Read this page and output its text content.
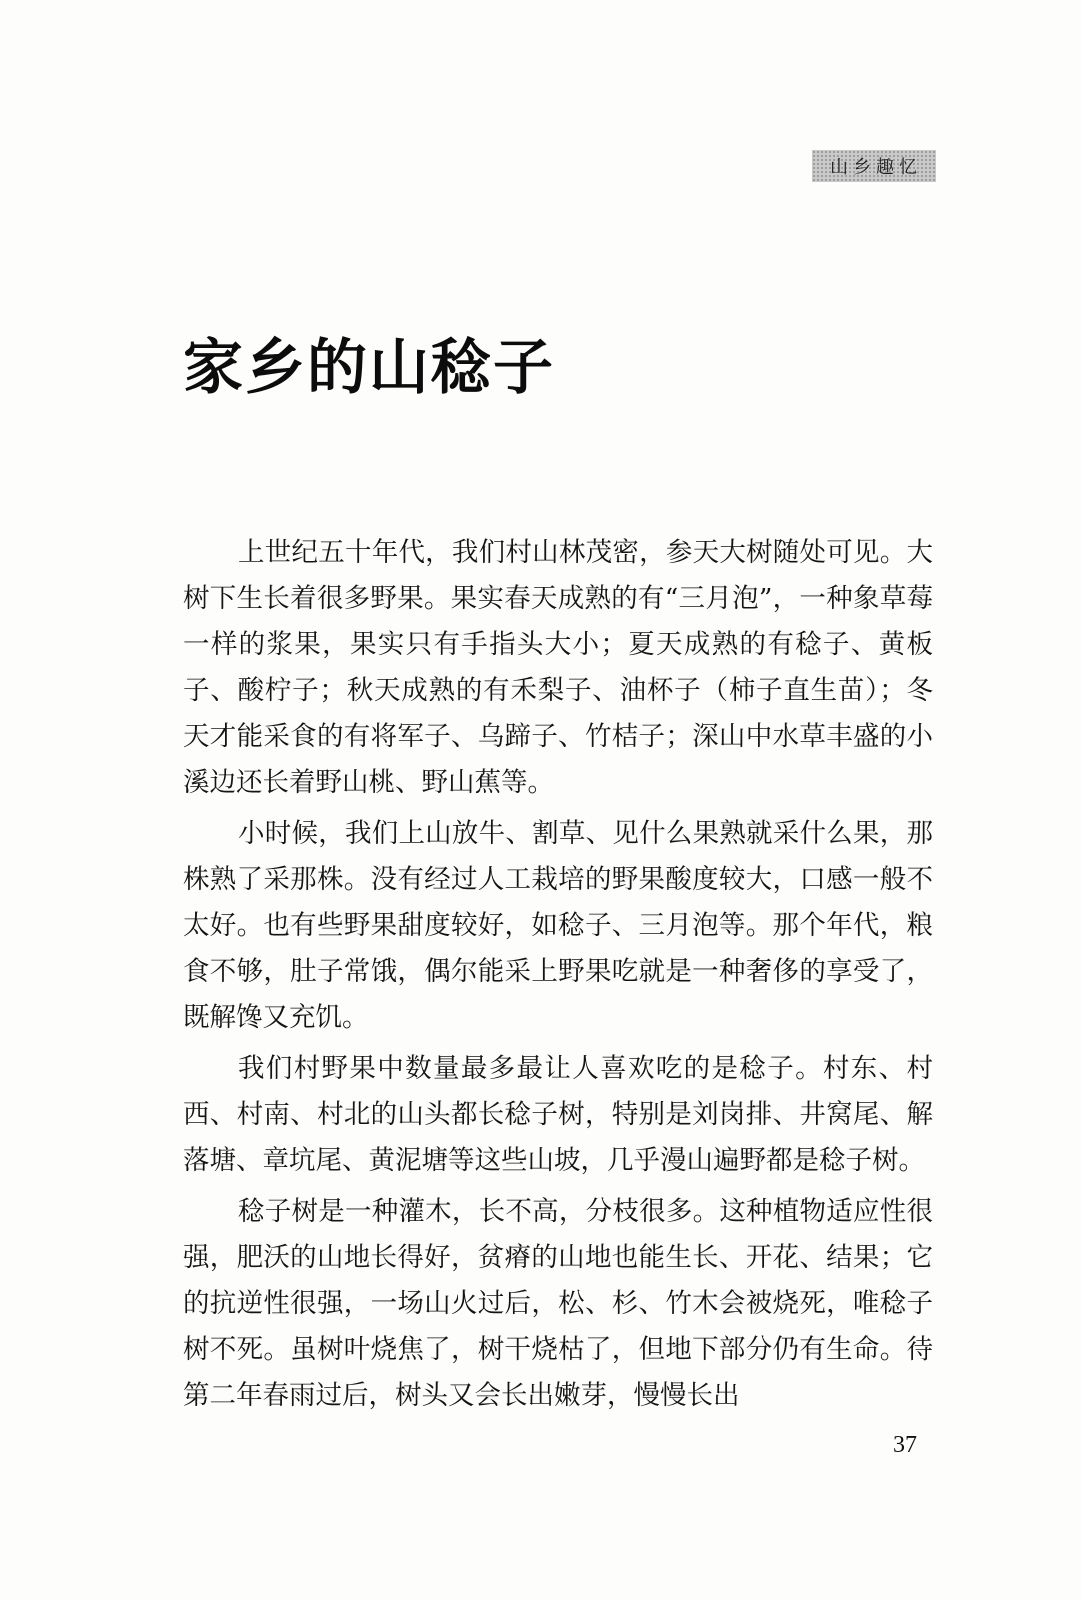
山乡趣忆
家乡的山稔子

上世纪五十年代，我们村山林茂密，参天大树随处可见。大树下生长着很多野果。果实春天成熟的有“三月泡”，一种象草莓一样的浆果，果实只有手指头大小；夏天成熟的有稔子、黄板子、酸柠子；秋天成熟的有禾梨子、油杯子（柿子直生苗）；冬天才能采食的有将军子、乌蹄子、竹桔子；深山中水草丰盛的小溪边还长着野山桃、野山蕉等。

小时候，我们上山放牛、割草、见什么果熟就采什么果，那株熟了采那株。没有经过人工栽培的野果酸度较大，口感一般不太好。也有些野果甜度较好，如稔子、三月泡等。那个年代，粮食不够，肚子常饿，偶尔能采上野果吃就是一种奢侈的享受了，既解馋又充饥。

我们村野果中数量最多最让人喜欢吃的是稔子。村东、村西、村南、村北的山头都长稔子树，特别是刘岗排、井窝尾、解落塘、章坑尾、黄泥塘等这些山坡，几乎漫山遍野都是稔子树。

稔子树是一种灌木，长不高，分枝很多。这种植物适应性很强，肥沃的山地长得好，贫瘠的山地也能生长、开花、结果；它的抗逆性很强，一场山火过后，松、杉、竹木会被烧死，唯稔子树不死。虽树叶烧焦了，树干烧枯了，但地下部分仍有生命。待第二年春雨过后，树头又会长出嫩芽，慢慢长出

37
